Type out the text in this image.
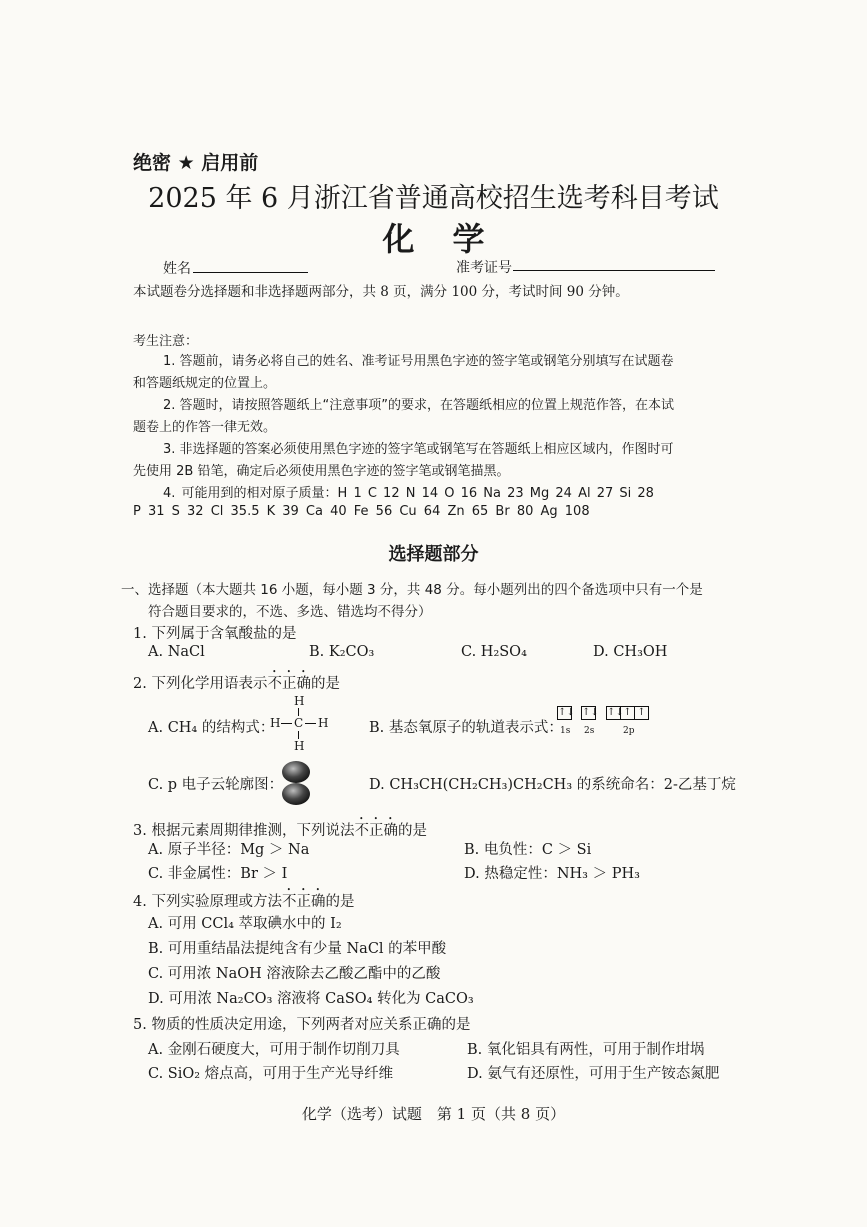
绝密 ★ 启用前
2025 年 6 月浙江省普通高校招生选考科目考试
化学
姓名	准考证号
本试题卷分选择题和非选择题两部分，共 8 页，满分 100 分，考试时间 90 分钟。
考生注意：
1. 答题前，请务必将自己的姓名、准考证号用黑色字迹的签字笔或钢笔分别填写在试题卷
和答题纸规定的位置上。
2. 答题时，请按照答题纸上“注意事项”的要求，在答题纸相应的位置上规范作答，在本试
题卷上的作答一律无效。
3. 非选择题的答案必须使用黑色字迹的签字笔或钢笔写在答题纸上相应区域内，作图时可
先使用 2B 铅笔，确定后必须使用黑色字迹的签字笔或钢笔描黑。
4. 可能用到的相对原子质量：H 1 C 12 N 14 O 16 Na 23 Mg 24 Al 27 Si 28
P 31 S 32 Cl 35.5 K 39 Ca 40 Fe 56 Cu 64 Zn 65 Br 80 Ag 108
选择题部分
一、选择题（本大题共 16 小题，每小题 3 分，共 48 分。每小题列出的四个备选项中只有一个是
符合题目要求的，不选、多选、错选均不得分）
1. 下列属于含氧酸盐的是
A. NaCl	B. K₂CO₃	C. H₂SO₄	D. CH₃OH
2. 下列化学用语表示不正确的是
A. CH₄ 的结构式：
H
H C H
H
B. 基态氧原子的轨道表示式：
↑↓ ↑↓ ↑↓ ↑ ↑
1s 2s	2p
C. p 电子云轮廓图：	D. CH₃CH(CH₂CH₃)CH₂CH₃ 的系统命名：2-乙基丁烷
3. 根据元素周期律推测，下列说法不正确的是
A. 原子半径：Mg ＞ Na	B. 电负性：C ＞ Si
C. 非金属性：Br ＞ I	D. 热稳定性：NH₃ ＞ PH₃
4. 下列实验原理或方法不正确的是
A. 可用 CCl₄ 萃取碘水中的 I₂
B. 可用重结晶法提纯含有少量 NaCl 的苯甲酸
C. 可用浓 NaOH 溶液除去乙酸乙酯中的乙酸
D. 可用浓 Na₂CO₃ 溶液将 CaSO₄ 转化为 CaCO₃
5. 物质的性质决定用途，下列两者对应关系正确的是
A. 金刚石硬度大，可用于制作切削刀具	B. 氧化铝具有两性，可用于制作坩埚
C. SiO₂ 熔点高，可用于生产光导纤维	D. 氨气有还原性，可用于生产铵态氮肥
化学（选考）试题　第 1 页（共 8 页）
